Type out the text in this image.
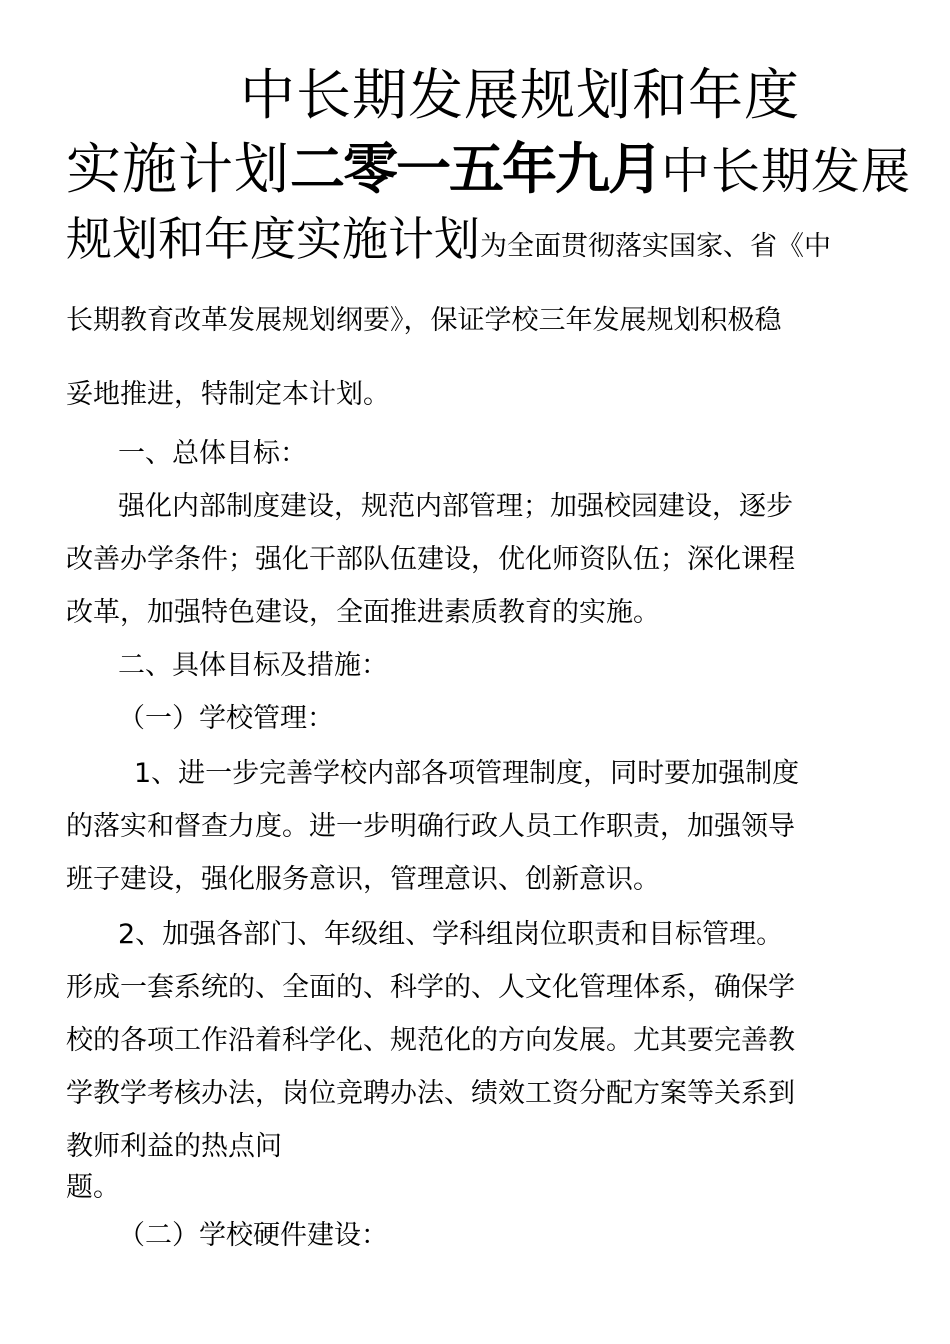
中长期发展规划和年度
实施计划二零一五年九月中长期发展
规划和年度实施计划为全面贯彻落实国家、省《中
长期教育改革发展规划纲要》，保证学校三年发展规划积极稳
妥地推进，特制定本计划。
一、总体目标：
强化内部制度建设，规范内部管理；加强校园建设，逐步
改善办学条件；强化干部队伍建设，优化师资队伍；深化课程
改革，加强特色建设，全面推进素质教育的实施。
二、具体目标及措施：
（一）学校管理：
1、进一步完善学校内部各项管理制度，同时要加强制度
的落实和督查力度。进一步明确行政人员工作职责，加强领导
班子建设，强化服务意识，管理意识、创新意识。
2、加强各部门、年级组、学科组岗位职责和目标管理。
形成一套系统的、全面的、科学的、人文化管理体系，确保学
校的各项工作沿着科学化、规范化的方向发展。尤其要完善教
学教学考核办法，岗位竞聘办法、绩效工资分配方案等关系到
教师利益的热点问
题。
（二）学校硬件建设：
